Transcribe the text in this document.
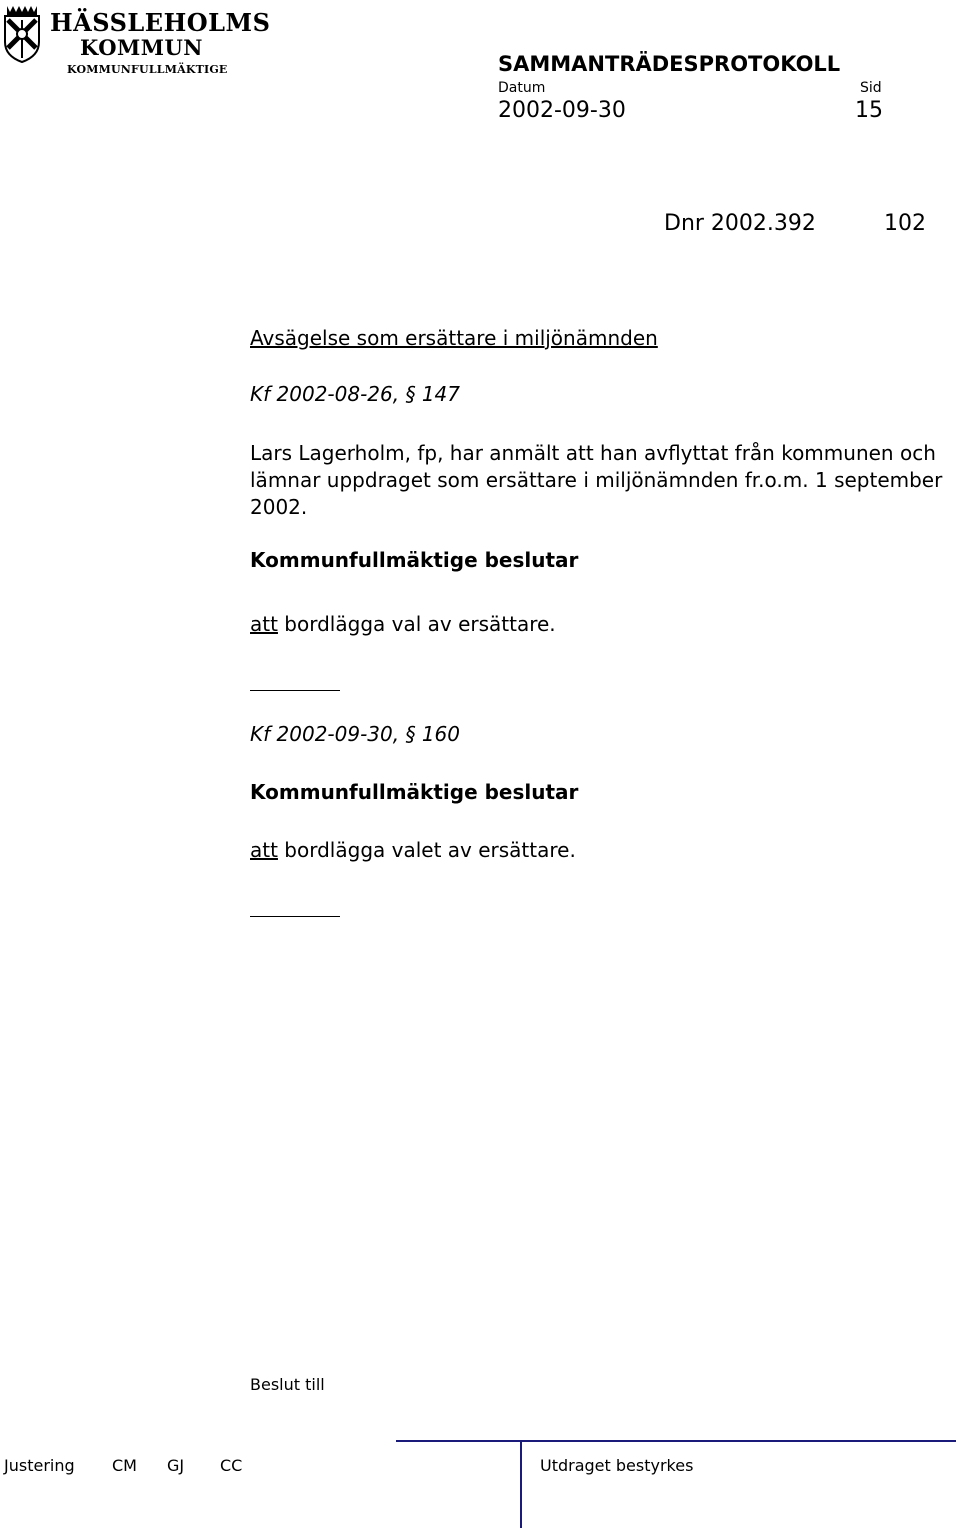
HÄSSLEHOLMS
KOMMUN
KOMMUNFULLMÄKTIGE	SAMMANTRÄDESPROTOKOLL
Datum	Sid
2002-09-30	15
Dnr 2002.392	102
Avsägelse som ersättare i miljönämnden
Kf 2002-08-26, § 147
Lars Lagerholm, fp, har anmält att han avflyttat från kommunen och lämnar uppdraget som ersättare i miljönämnden fr.o.m. 1 september 2002.
Kommunfullmäktige beslutar
att bordlägga val av ersättare.
Kf 2002-09-30, § 160
Kommunfullmäktige beslutar
att bordlägga valet av ersättare.
Beslut till
Justering CM GJ CC	Utdraget bestyrkes
